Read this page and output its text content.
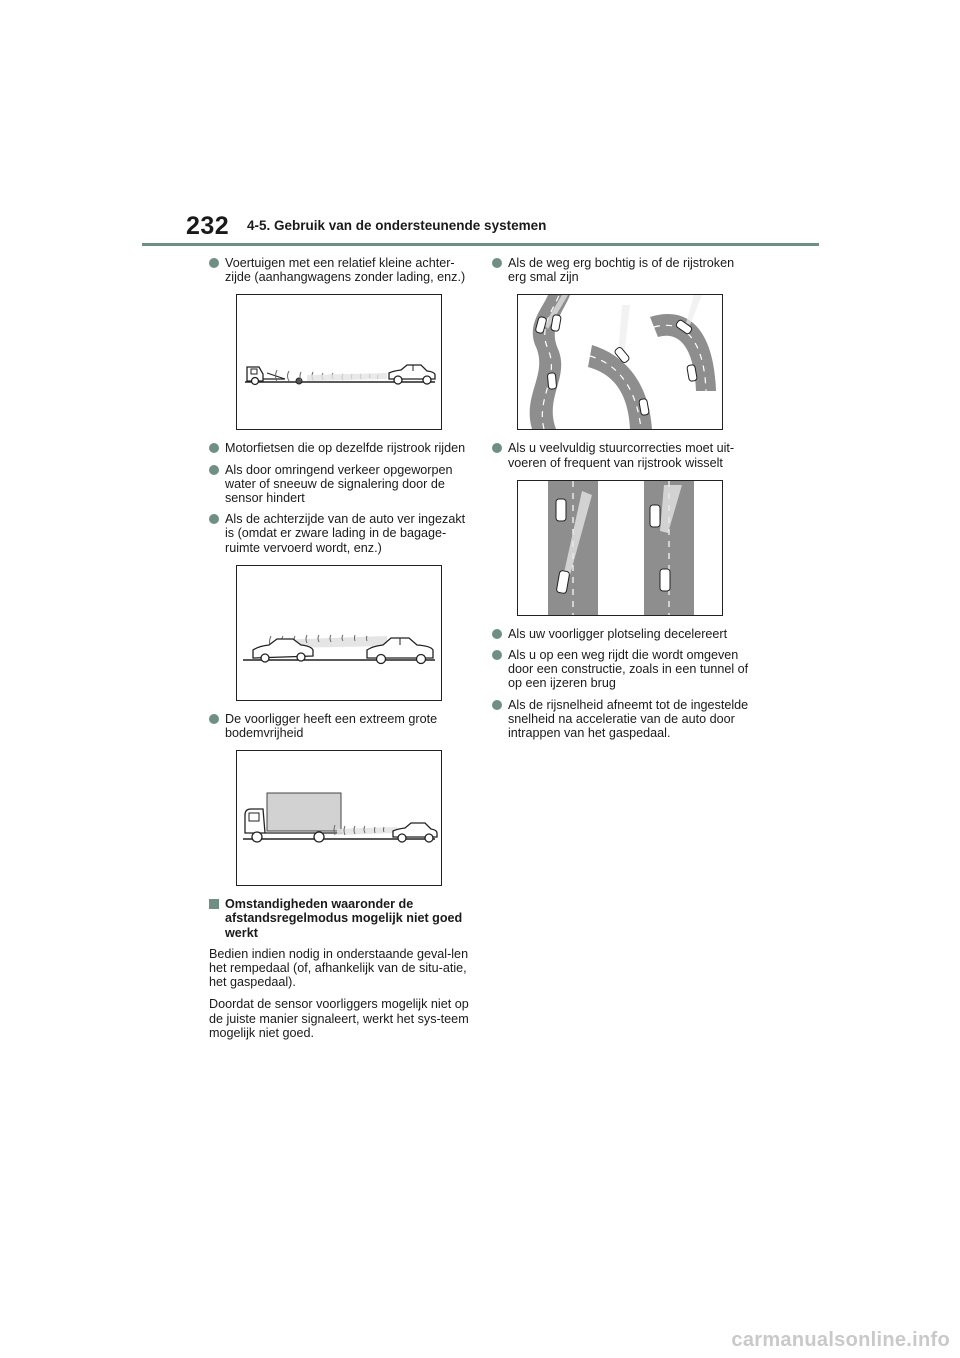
232 4-5. Gebruik van de ondersteunende systemen
Voertuigen met een relatief kleine achter-zijde (aanhangwagens zonder lading, enz.)
Motorfietsen die op dezelfde rijstrook rijden
Als door omringend verkeer opgeworpen water of sneeuw de signalering door de sensor hindert
Als de achterzijde van de auto ver ingezakt is (omdat er zware lading in de bagage-ruimte vervoerd wordt, enz.)
De voorligger heeft een extreem grote bodemvrijheid
Omstandigheden waaronder de afstandsregelmodus mogelijk niet goed werkt
Bedien indien nodig in onderstaande geval-len het rempedaal (of, afhankelijk van de situ-atie, het gaspedaal).
Doordat de sensor voorliggers mogelijk niet op de juiste manier signaleert, werkt het sys-teem mogelijk niet goed.
Als de weg erg bochtig is of de rijstroken erg smal zijn
Als u veelvuldig stuurcorrecties moet uit-voeren of frequent van rijstrook wisselt
Als uw voorligger plotseling decelereert
Als u op een weg rijdt die wordt omgeven door een constructie, zoals in een tunnel of op een ijzeren brug
Als de rijsnelheid afneemt tot de ingestelde snelheid na acceleratie van de auto door intrappen van het gaspedaal.
carmanualsonline.info
